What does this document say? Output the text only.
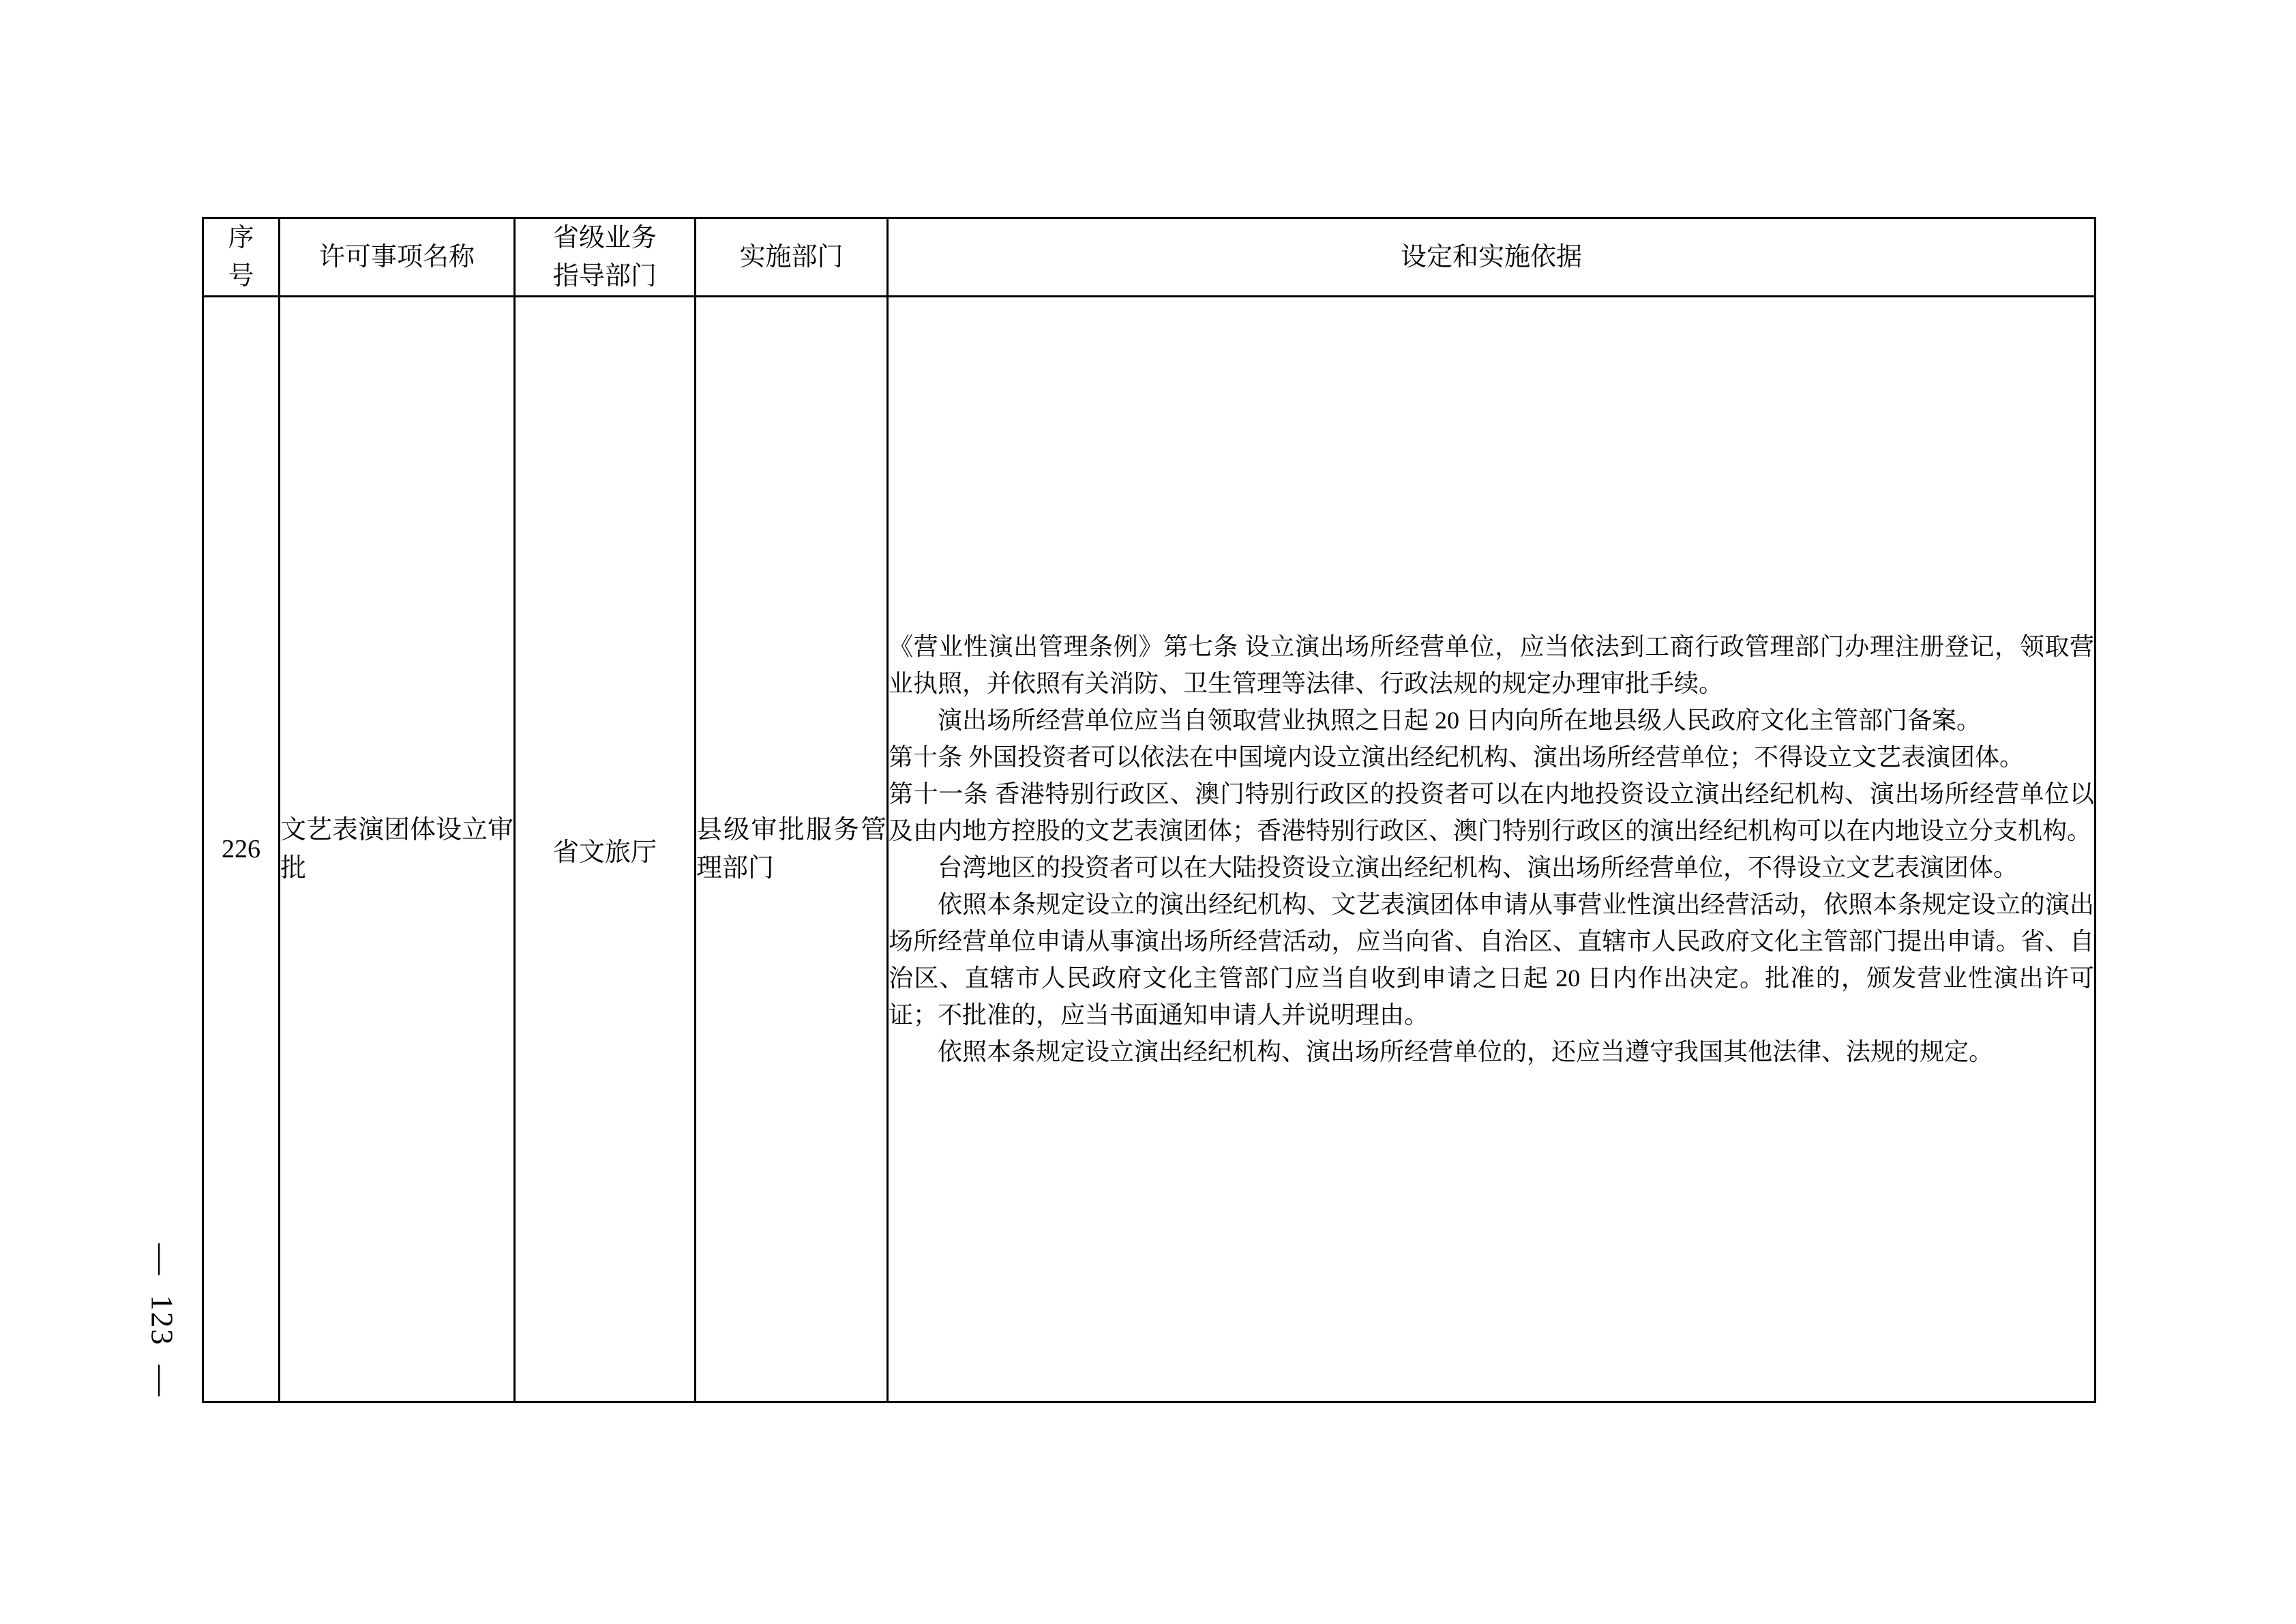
— 123 —
序号	许可事项名称	省级业务指导部门	实施部门	设定和实施依据
226	文艺表演团体设立审批	省文旅厅	县级审批服务管理部门	

《营业性演出管理条例》第七条 设立演出场所经营单位，应当依法到工商行政管理部门办理注册登记，领取营业执照，并依照有关消防、卫生管理等法律、行政法规的规定办理审批手续。

演出场所经营单位应当自领取营业执照之日起 20 日内向所在地县级人民政府文化主管部门备案。

第十条 外国投资者可以依法在中国境内设立演出经纪机构、演出场所经营单位；不得设立文艺表演团体。

第十一条 香港特别行政区、澳门特别行政区的投资者可以在内地投资设立演出经纪机构、演出场所经营单位以及由内地方控股的文艺表演团体；香港特别行政区、澳门特别行政区的演出经纪机构可以在内地设立分支机构。

台湾地区的投资者可以在大陆投资设立演出经纪机构、演出场所经营单位，不得设立文艺表演团体。

依照本条规定设立的演出经纪机构、文艺表演团体申请从事营业性演出经营活动，依照本条规定设立的演出场所经营单位申请从事演出场所经营活动，应当向省、自治区、直辖市人民政府文化主管部门提出申请。省、自治区、直辖市人民政府文化主管部门应当自收到申请之日起 20 日内作出决定。批准的，颁发营业性演出许可证；不批准的，应当书面通知申请人并说明理由。

依照本条规定设立演出经纪机构、演出场所经营单位的，还应当遵守我国其他法律、法规的规定。
